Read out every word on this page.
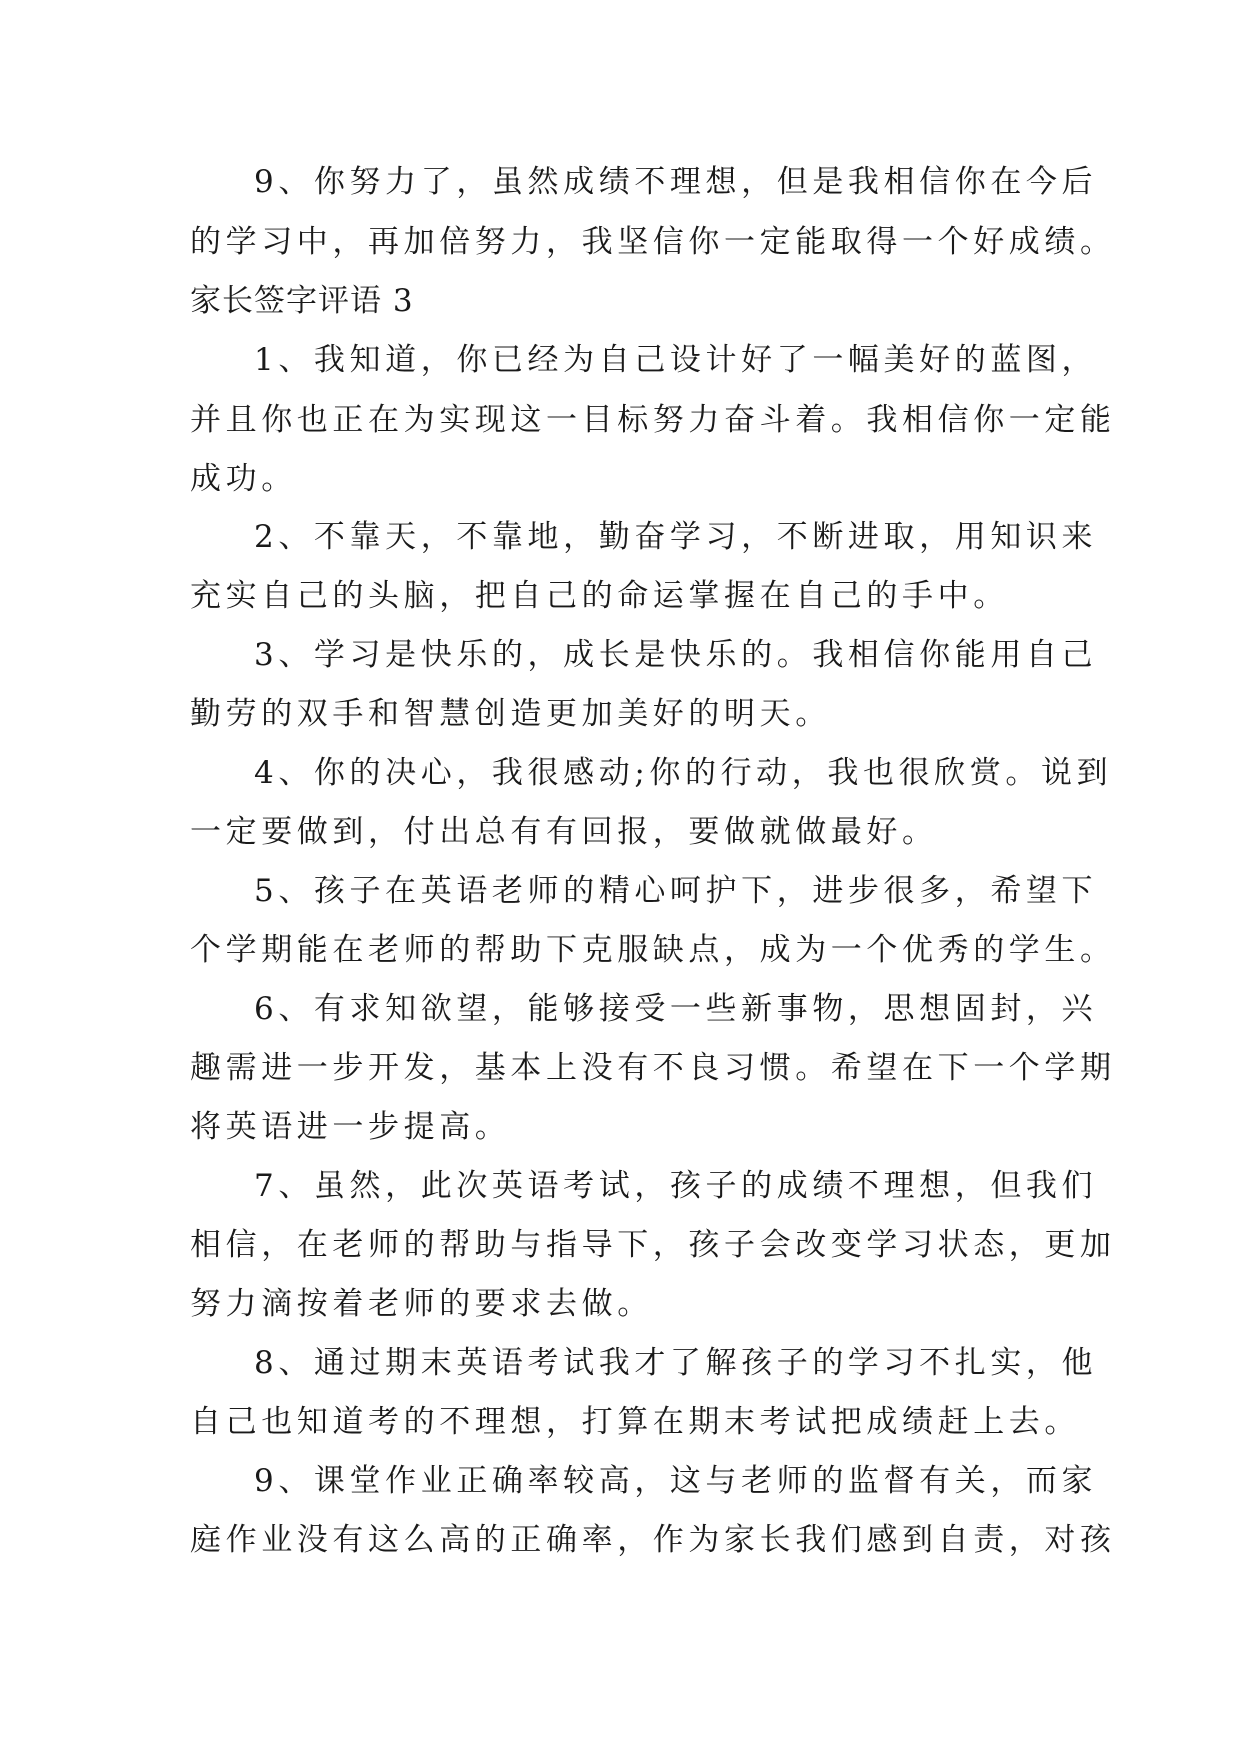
9、你努力了，虽然成绩不理想，但是我相信你在今后

的学习中，再加倍努力，我坚信你一定能取得一个好成绩。

家长签字评语 3

1、我知道，你已经为自己设计好了一幅美好的蓝图，

并且你也正在为实现这一目标努力奋斗着。我相信你一定能

成功。

2、不靠天，不靠地，勤奋学习，不断进取，用知识来

充实自己的头脑，把自己的命运掌握在自己的手中。

3、学习是快乐的，成长是快乐的。我相信你能用自己

勤劳的双手和智慧创造更加美好的明天。

4、你的决心，我很感动;你的行动，我也很欣赏。说到

一定要做到，付出总有有回报，要做就做最好。

5、孩子在英语老师的精心呵护下，进步很多，希望下

个学期能在老师的帮助下克服缺点，成为一个优秀的学生。

6、有求知欲望，能够接受一些新事物，思想固封，兴

趣需进一步开发，基本上没有不良习惯。希望在下一个学期

将英语进一步提高。

7、虽然，此次英语考试，孩子的成绩不理想，但我们

相信，在老师的帮助与指导下，孩子会改变学习状态，更加

努力滴按着老师的要求去做。

8、通过期末英语考试我才了解孩子的学习不扎实，他

自己也知道考的不理想，打算在期末考试把成绩赶上去。

9、课堂作业正确率较高，这与老师的监督有关，而家

庭作业没有这么高的正确率，作为家长我们感到自责，对孩
